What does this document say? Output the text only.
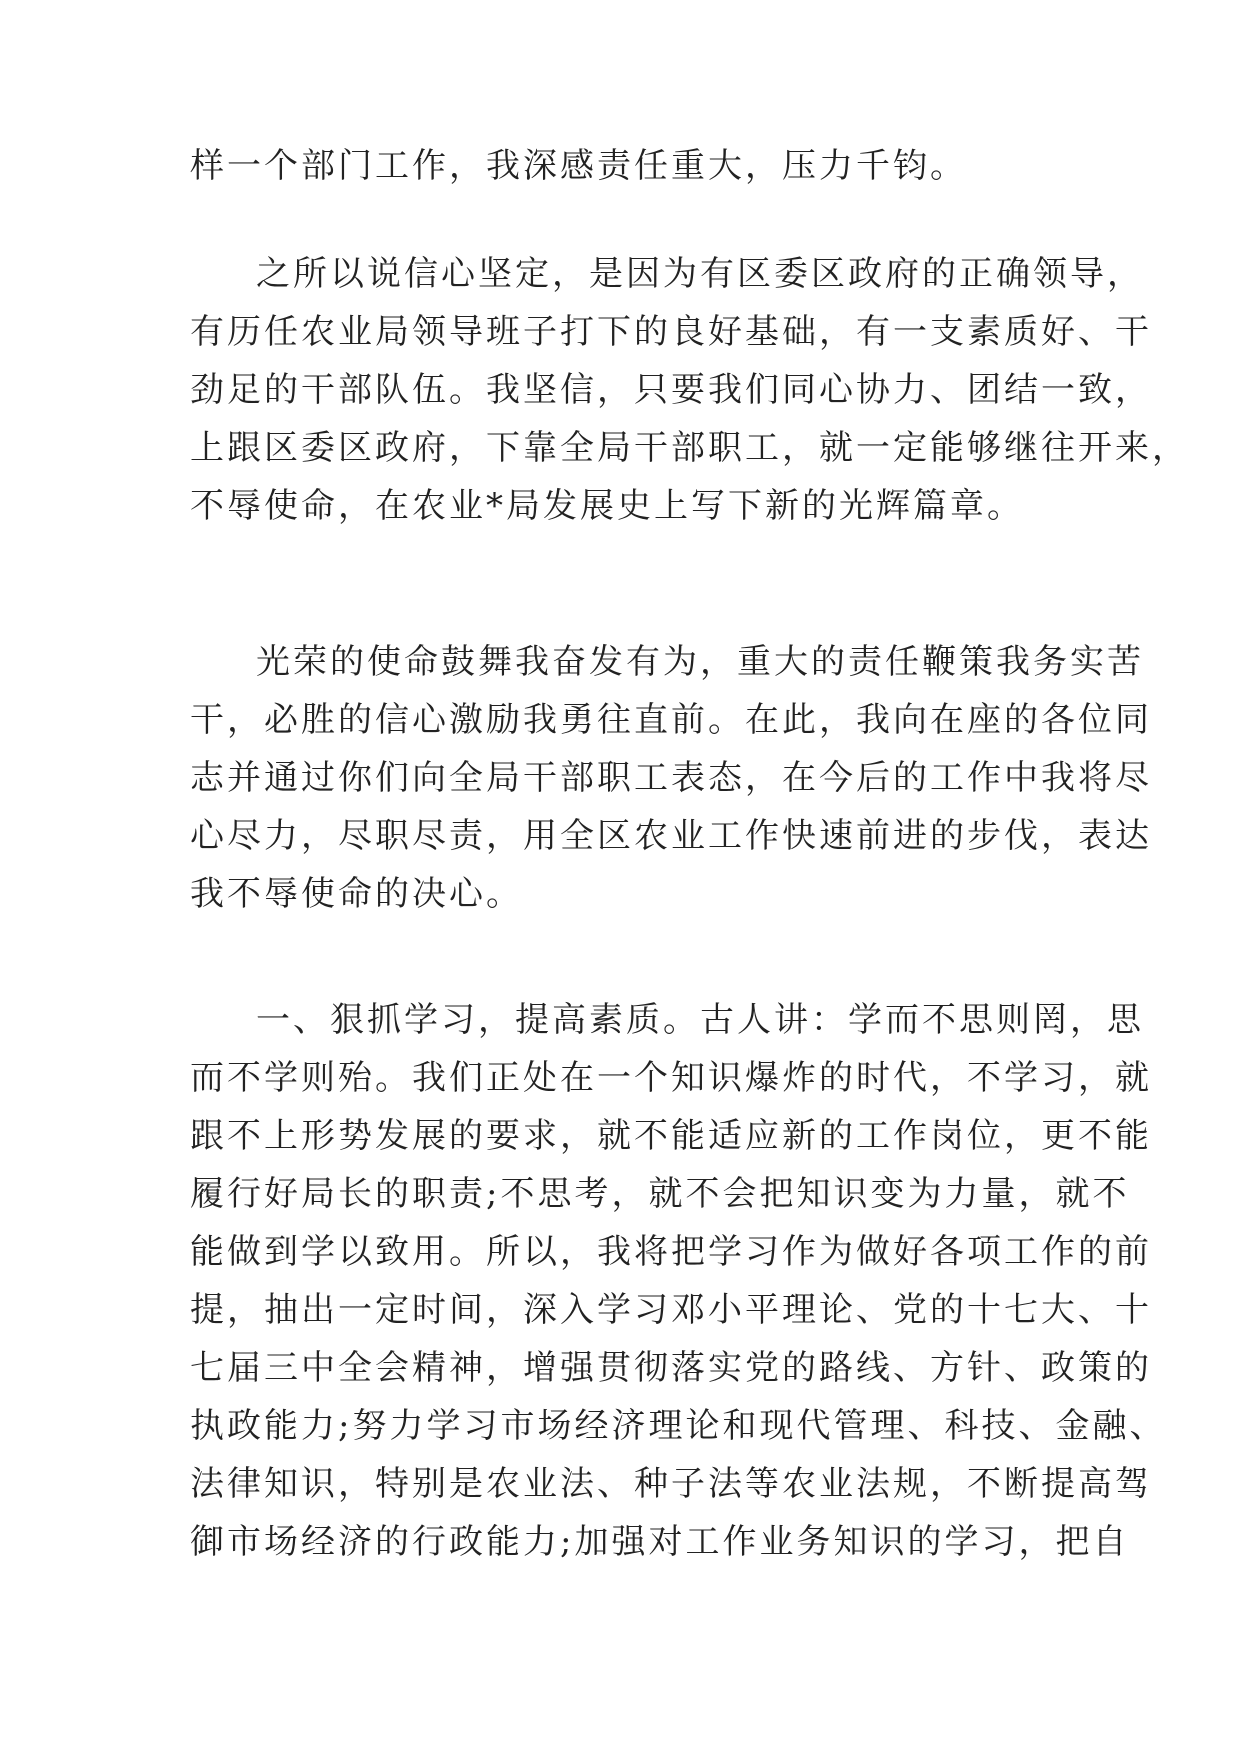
样一个部门工作，我深感责任重大，压力千钧。
之所以说信心坚定，是因为有区委区政府的正确领导，
有历任农业局领导班子打下的良好基础，有一支素质好、干
劲足的干部队伍。我坚信，只要我们同心协力、团结一致，
上跟区委区政府，下靠全局干部职工，就一定能够继往开来，
不辱使命，在农业*局发展史上写下新的光辉篇章。
光荣的使命鼓舞我奋发有为，重大的责任鞭策我务实苦
干，必胜的信心激励我勇往直前。在此，我向在座的各位同
志并通过你们向全局干部职工表态，在今后的工作中我将尽
心尽力，尽职尽责，用全区农业工作快速前进的步伐，表达
我不辱使命的决心。
一、狠抓学习，提高素质。古人讲：学而不思则罔，思
而不学则殆。我们正处在一个知识爆炸的时代，不学习，就
跟不上形势发展的要求，就不能适应新的工作岗位，更不能
履行好局长的职责;不思考，就不会把知识变为力量，就不
能做到学以致用。所以，我将把学习作为做好各项工作的前
提，抽出一定时间，深入学习邓小平理论、党的十七大、十
七届三中全会精神，增强贯彻落实党的路线、方针、政策的
执政能力;努力学习市场经济理论和现代管理、科技、金融、
法律知识，特别是农业法、种子法等农业法规，不断提高驾
御市场经济的行政能力;加强对工作业务知识的学习，把自
